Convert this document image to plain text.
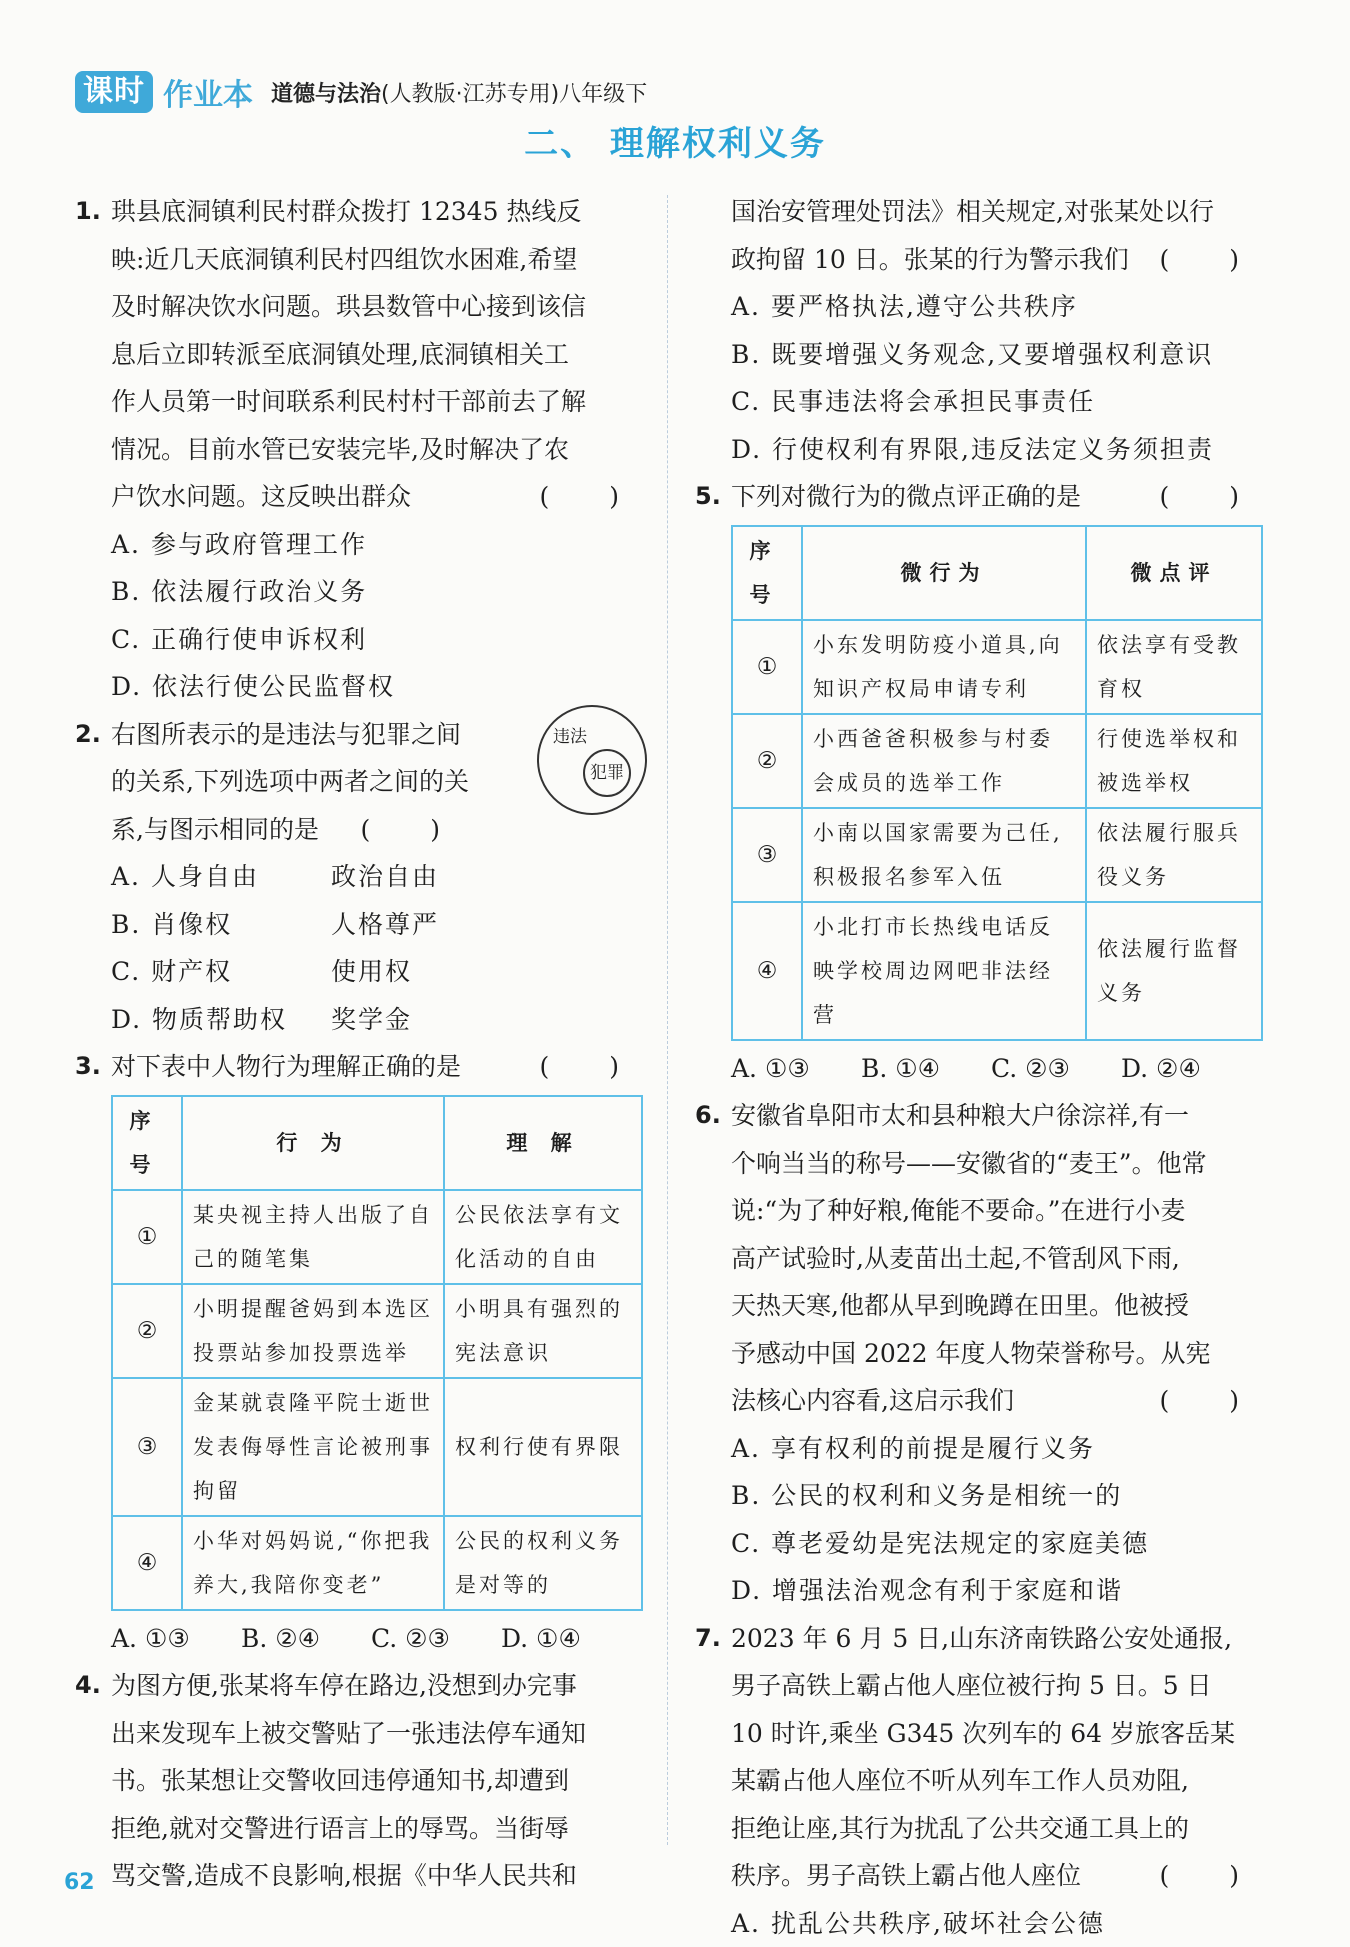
课时 作业本 道德与法治(人教版·江苏专用)八年级下
二、 理解权利义务
1. 珙县底洞镇利民村群众拨打 12345 热线反
映:近几天底洞镇利民村四组饮水困难,希望
及时解决饮水问题。珙县数管中心接到该信
息后立即转派至底洞镇处理,底洞镇相关工
作人员第一时间联系利民村村干部前去了解
情况。目前水管已安装完毕,及时解决了农
户饮水问题。这反映出群众	( )
A. 参与政府管理工作
B. 依法履行政治义务
C. 正确行使申诉权利
D. 依法行使公民监督权
违法
犯罪
2. 右图所表示的是违法与犯罪之间
的关系,下列选项中两者之间的关
系,与图示相同的是 ( )
A. 人身自由	政治自由
B. 肖像权	人格尊严
C. 财产权	使用权
D. 物质帮助权	奖学金
3. 对下表中人物行为理解正确的是	( )
序 号	行 为	理 解
①	某央视主持人出版了自己的随笔集	公民依法享有文化活动的自由
②	小明提醒爸妈到本选区投票站参加投票选举	小明具有强烈的宪法意识
③	金某就袁隆平院士逝世发表侮辱性言论被刑事拘留	权利行使有界限
④	小华对妈妈说,“你把我养大,我陪你变老”	公民的权利义务是对等的
A. ①③	B. ②④	C. ②③	D. ①④
4. 为图方便,张某将车停在路边,没想到办完事
出来发现车上被交警贴了一张违法停车通知
书。张某想让交警收回违停通知书,却遭到
拒绝,就对交警进行语言上的辱骂。当街辱
骂交警,造成不良影响,根据《中华人民共和
国治安管理处罚法》相关规定,对张某处以行
政拘留 10 日。张某的行为警示我们 ( )
A. 要严格执法,遵守公共秩序
B. 既要增强义务观念,又要增强权利意识
C. 民事违法将会承担民事责任
D. 行使权利有界限,违反法定义务须担责
5. 下列对微行为的微点评正确的是	( )
序 号	微行为	微点评
①	小东发明防疫小道具,向知识产权局申请专利	依法享有受教育权
②	小西爸爸积极参与村委会成员的选举工作	行使选举权和被选举权
③	小南以国家需要为己任,积极报名参军入伍	依法履行服兵役义务
④	小北打市长热线电话反映学校周边网吧非法经营	依法履行监督义务
A. ①③	B. ①④	C. ②③	D. ②④
6. 安徽省阜阳市太和县种粮大户徐淙祥,有一
个响当当的称号——安徽省的“麦王”。他常
说:“为了种好粮,俺能不要命。”在进行小麦
高产试验时,从麦苗出土起,不管刮风下雨,
天热天寒,他都从早到晚蹲在田里。他被授
予感动中国 2022 年度人物荣誉称号。从宪
法核心内容看,这启示我们	( )
A. 享有权利的前提是履行义务
B. 公民的权利和义务是相统一的
C. 尊老爱幼是宪法规定的家庭美德
D. 增强法治观念有利于家庭和谐
7. 2023 年 6 月 5 日,山东济南铁路公安处通报,
男子高铁上霸占他人座位被行拘 5 日。5 日
10 时许,乘坐 G345 次列车的 64 岁旅客岳某
某霸占他人座位不听从列车工作人员劝阻,
拒绝让座,其行为扰乱了公共交通工具上的
秩序。男子高铁上霸占他人座位	( )
A. 扰乱公共秩序,破坏社会公德
62
